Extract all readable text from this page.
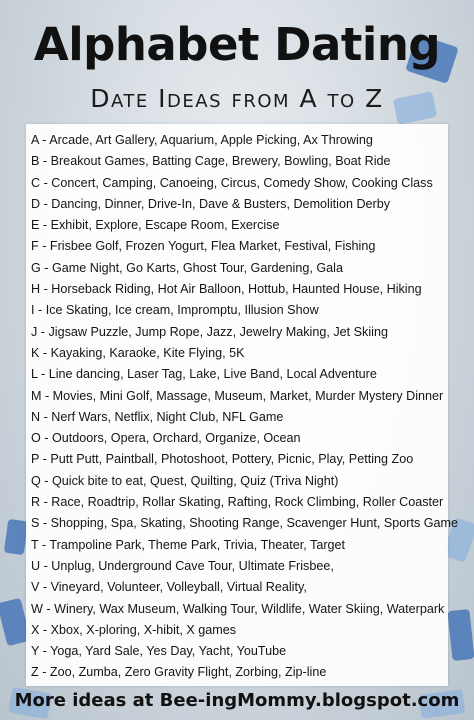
Alphabet Dating
Date Ideas from A to Z
A - Arcade, Art Gallery, Aquarium, Apple Picking, Ax Throwing
B - Breakout Games, Batting Cage, Brewery, Bowling, Boat Ride
C - Concert, Camping, Canoeing, Circus, Comedy Show, Cooking Class
D - Dancing, Dinner, Drive-In, Dave & Busters, Demolition Derby
E - Exhibit, Explore, Escape Room, Exercise
F - Frisbee Golf, Frozen Yogurt, Flea Market, Festival, Fishing
G - Game Night, Go Karts, Ghost Tour, Gardening, Gala
H - Horseback Riding, Hot Air Balloon, Hottub, Haunted House, Hiking
I - Ice Skating, Ice cream, Impromptu, Illusion Show
J - Jigsaw Puzzle, Jump Rope, Jazz, Jewelry Making, Jet Skiing
K - Kayaking, Karaoke, Kite Flying, 5K
L - Line dancing, Laser Tag, Lake, Live Band, Local Adventure
M - Movies, Mini Golf, Massage, Museum, Market, Murder Mystery Dinner
N - Nerf Wars, Netflix, Night Club, NFL Game
O - Outdoors, Opera, Orchard, Organize, Ocean
P - Putt Putt, Paintball, Photoshoot, Pottery, Picnic, Play, Petting Zoo
Q - Quick bite to eat, Quest, Quilting, Quiz (Triva Night)
R - Race, Roadtrip, Rollar Skating, Rafting, Rock Climbing, Roller Coaster
S - Shopping, Spa, Skating, Shooting Range, Scavenger Hunt, Sports Game
T - Trampoline Park, Theme Park, Trivia, Theater, Target
U - Unplug, Underground Cave Tour, Ultimate Frisbee,
V - Vineyard, Volunteer, Volleyball, Virtual Reality,
W - Winery, Wax Museum, Walking Tour, Wildlife, Water Skiing, Waterpark
X - Xbox, X-ploring, X-hibit, X games
Y - Yoga, Yard Sale, Yes Day, Yacht, YouTube
Z - Zoo, Zumba, Zero Gravity Flight, Zorbing, Zip-line
More ideas at Bee-ingMommy.blogspot.com
